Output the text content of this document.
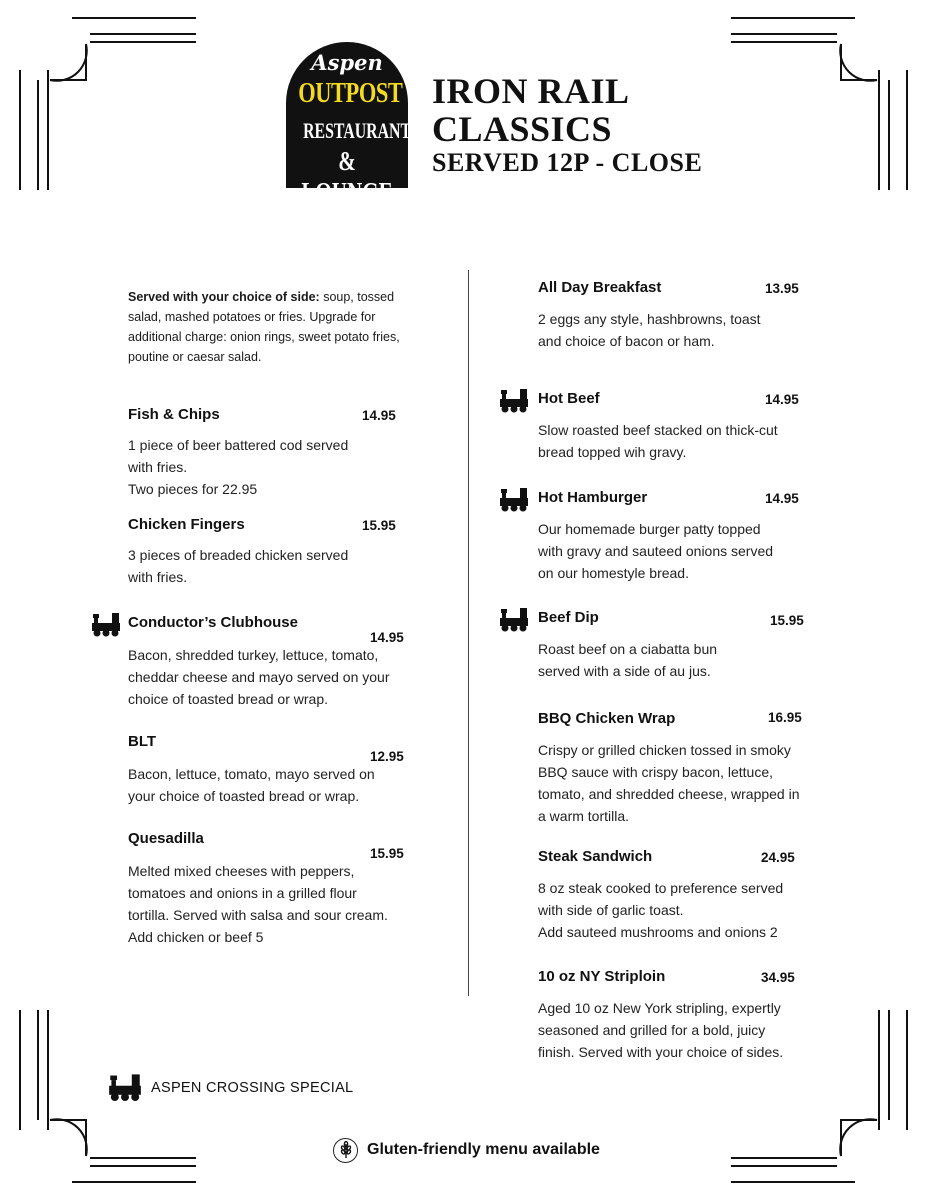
Aspen
OUTPOST
RESTAURANT
& LOUNGE
IRON RAIL
CLASSICS
SERVED 12P - CLOSE
Served with your choice of side: soup, tossed salad, mashed potatoes or fries. Upgrade for additional charge: onion rings, sweet potato fries, poutine or caesar salad.
Fish & Chips	14.95
1 piece of beer battered cod served
with fries.
Two pieces for 22.95
Chicken Fingers	15.95
3 pieces of breaded chicken served
with fries.
Conductor’s Clubhouse
14.95
Bacon, shredded turkey, lettuce, tomato,
cheddar cheese and mayo served on your
choice of toasted bread or wrap.
BLT
12.95
Bacon, lettuce, tomato, mayo served on
your choice of toasted bread or wrap.
Quesadilla
15.95
Melted mixed cheeses with peppers,
tomatoes and onions in a grilled flour
tortilla. Served with salsa and sour cream.
Add chicken or beef 5
All Day Breakfast	13.95
2 eggs any style, hashbrowns, toast
and choice of bacon or ham.
Hot Beef	14.95
Slow roasted beef stacked on thick-cut
bread topped wih gravy.
Hot Hamburger	14.95
Our homemade burger patty topped
with gravy and sauteed onions served
on our homestyle bread.
Beef Dip	15.95
Roast beef on a ciabatta bun
served with a side of au jus.
BBQ Chicken Wrap	16.95
Crispy or grilled chicken tossed in smoky
BBQ sauce with crispy bacon, lettuce,
tomato, and shredded cheese, wrapped in
a warm tortilla.
Steak Sandwich	24.95
8 oz steak cooked to preference served
with side of garlic toast.
Add sauteed mushrooms and onions 2
10 oz NY Striploin	34.95
Aged 10 oz New York stripling, expertly
seasoned and grilled for a bold, juicy
finish. Served with your choice of sides.
ASPEN CROSSING SPECIAL
Gluten-friendly menu available
